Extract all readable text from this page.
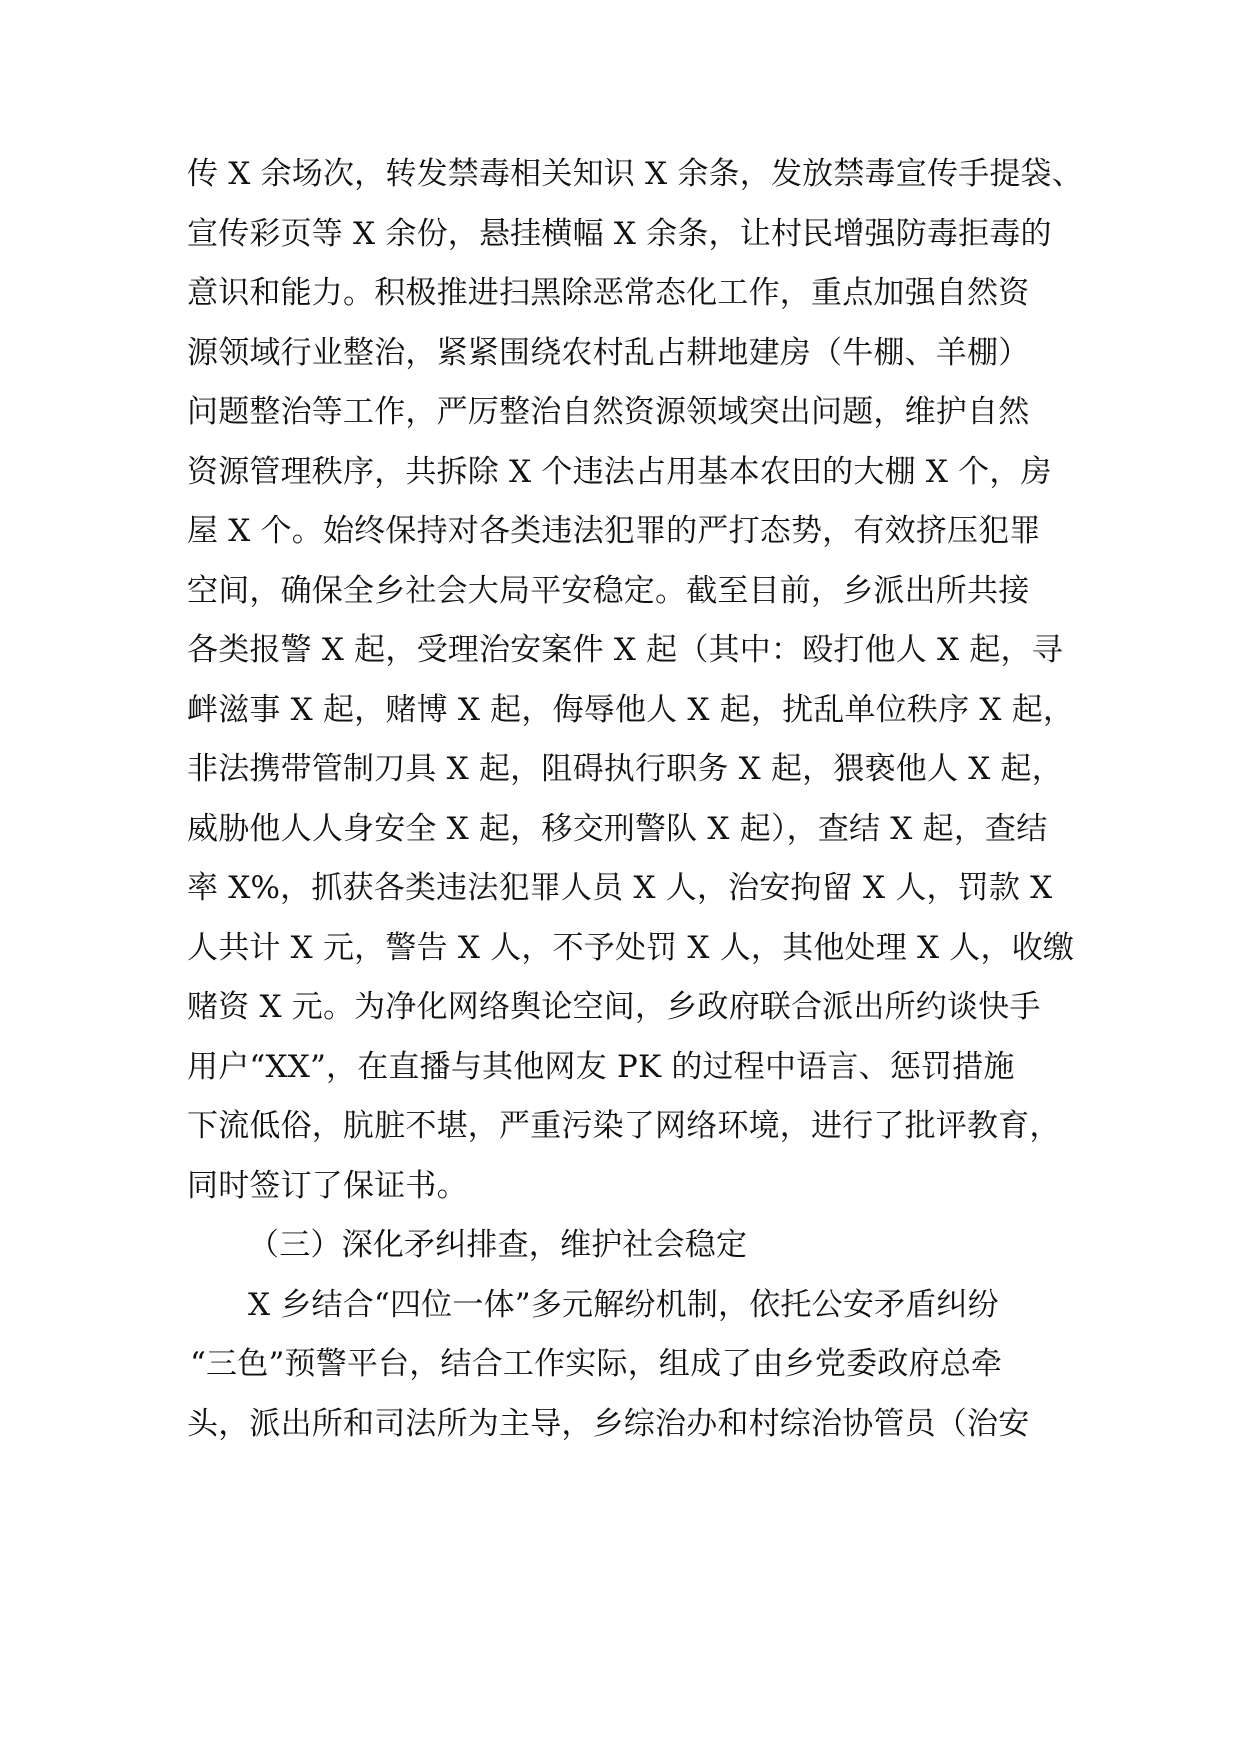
传 X 余场次，转发禁毒相关知识 X 余条，发放禁毒宣传手提袋、
宣传彩页等 X 余份，悬挂横幅 X 余条，让村民增强防毒拒毒的
意识和能力。积极推进扫黑除恶常态化工作，重点加强自然资
源领域行业整治，紧紧围绕农村乱占耕地建房（牛棚、羊棚）
问题整治等工作，严厉整治自然资源领域突出问题，维护自然
资源管理秩序，共拆除 X 个违法占用基本农田的大棚 X 个，房
屋 X 个。始终保持对各类违法犯罪的严打态势，有效挤压犯罪
空间，确保全乡社会大局平安稳定。截至目前，乡派出所共接
各类报警 X 起，受理治安案件 X 起（其中：殴打他人 X 起，寻
衅滋事 X 起，赌博 X 起，侮辱他人 X 起，扰乱单位秩序 X 起，
非法携带管制刀具 X 起，阻碍执行职务 X 起，猥亵他人 X 起，
威胁他人人身安全 X 起，移交刑警队 X 起），查结 X 起，查结
率 X%，抓获各类违法犯罪人员 X 人，治安拘留 X 人，罚款 X
人共计 X 元，警告 X 人，不予处罚 X 人，其他处理 X 人，收缴
赌资 X 元。为净化网络舆论空间，乡政府联合派出所约谈快手
用户“XX”，在直播与其他网友 PK 的过程中语言、惩罚措施
下流低俗，肮脏不堪，严重污染了网络环境，进行了批评教育，
同时签订了保证书。
（三）深化矛纠排查，维护社会稳定
X 乡结合“四位一体”多元解纷机制，依托公安矛盾纠纷
“三色”预警平台，结合工作实际，组成了由乡党委政府总牵
头，派出所和司法所为主导，乡综治办和村综治协管员（治安
